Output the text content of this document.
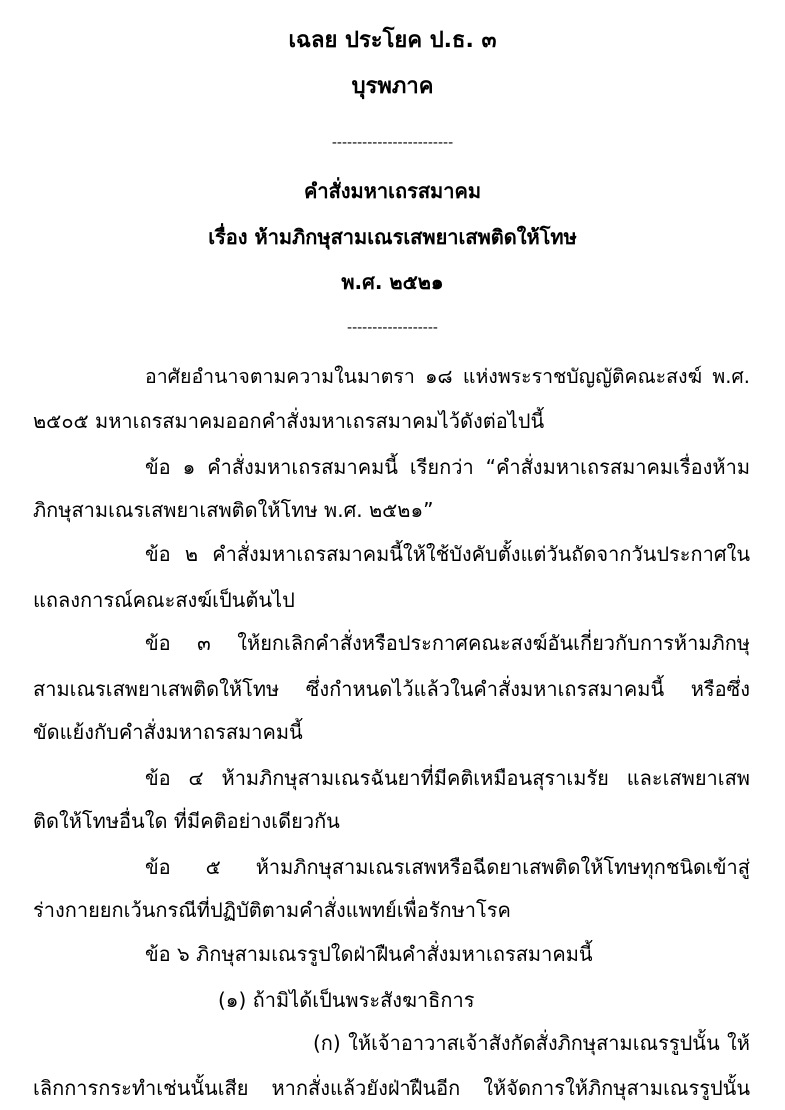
เฉลย ประโยค ป.ธ. ๓
บุรพภาค
------------------------
คำสั่งมหาเถรสมาคม
เรื่อง ห้ามภิกษุสามเณรเสพยาเสพติดให้โทษ
พ.ศ. ๒๕๒๑
------------------
อาศัยอำนาจตามความในมาตรา ๑๘ แห่งพระราชบัญญัติคณะสงฆ์ พ.ศ.
๒๕๐๕ มหาเถรสมาคมออกคำสั่งมหาเถรสมาคมไว้ดังต่อไปนี้
ข้อ ๑ คำสั่งมหาเถรสมาคมนี้ เรียกว่า “คำสั่งมหาเถรสมาคมเรื่องห้าม
ภิกษุสามเณรเสพยาเสพติดให้โทษ พ.ศ. ๒๕๒๑”
ข้อ ๒ คำสั่งมหาเถรสมาคมนี้ให้ใช้บังคับตั้งแต่วันถัดจากวันประกาศใน
แถลงการณ์คณะสงฆ์เป็นต้นไป
ข้อ ๓ ให้ยกเลิกคำสั่งหรือประกาศคณะสงฆ์อันเกี่ยวกับการห้ามภิกษุ
สามเณรเสพยาเสพติดให้โทษ ซึ่งกำหนดไว้แล้วในคำสั่งมหาเถรสมาคมนี้ หรือซึ่ง
ขัดแย้งกับคำสั่งมหาถรสมาคมนี้
ข้อ ๔ ห้ามภิกษุสามเณรฉันยาที่มีคติเหมือนสุราเมรัย และเสพยาเสพ
ติดให้โทษอื่นใด ที่มีคติอย่างเดียวกัน
ข้อ ๕ ห้ามภิกษุสามเณรเสพหรือฉีดยาเสพติดให้โทษทุกชนิดเข้าสู่
ร่างกายยกเว้นกรณีที่ปฏิบัติตามคำสั่งแพทย์เพื่อรักษาโรค
ข้อ ๖ ภิกษุสามเณรรูปใดฝ่าฝืนคำสั่งมหาเถรสมาคมนี้
(๑) ถ้ามิได้เป็นพระสังฆาธิการ
(ก) ให้เจ้าอาวาสเจ้าสังกัดสั่งภิกษุสามเณรรูปนั้น ให้
เลิกการกระทำเช่นนั้นเสีย หากสั่งแล้วยังฝ่าฝืนอีก ให้จัดการให้ภิกษุสามเณรรูปนั้น
